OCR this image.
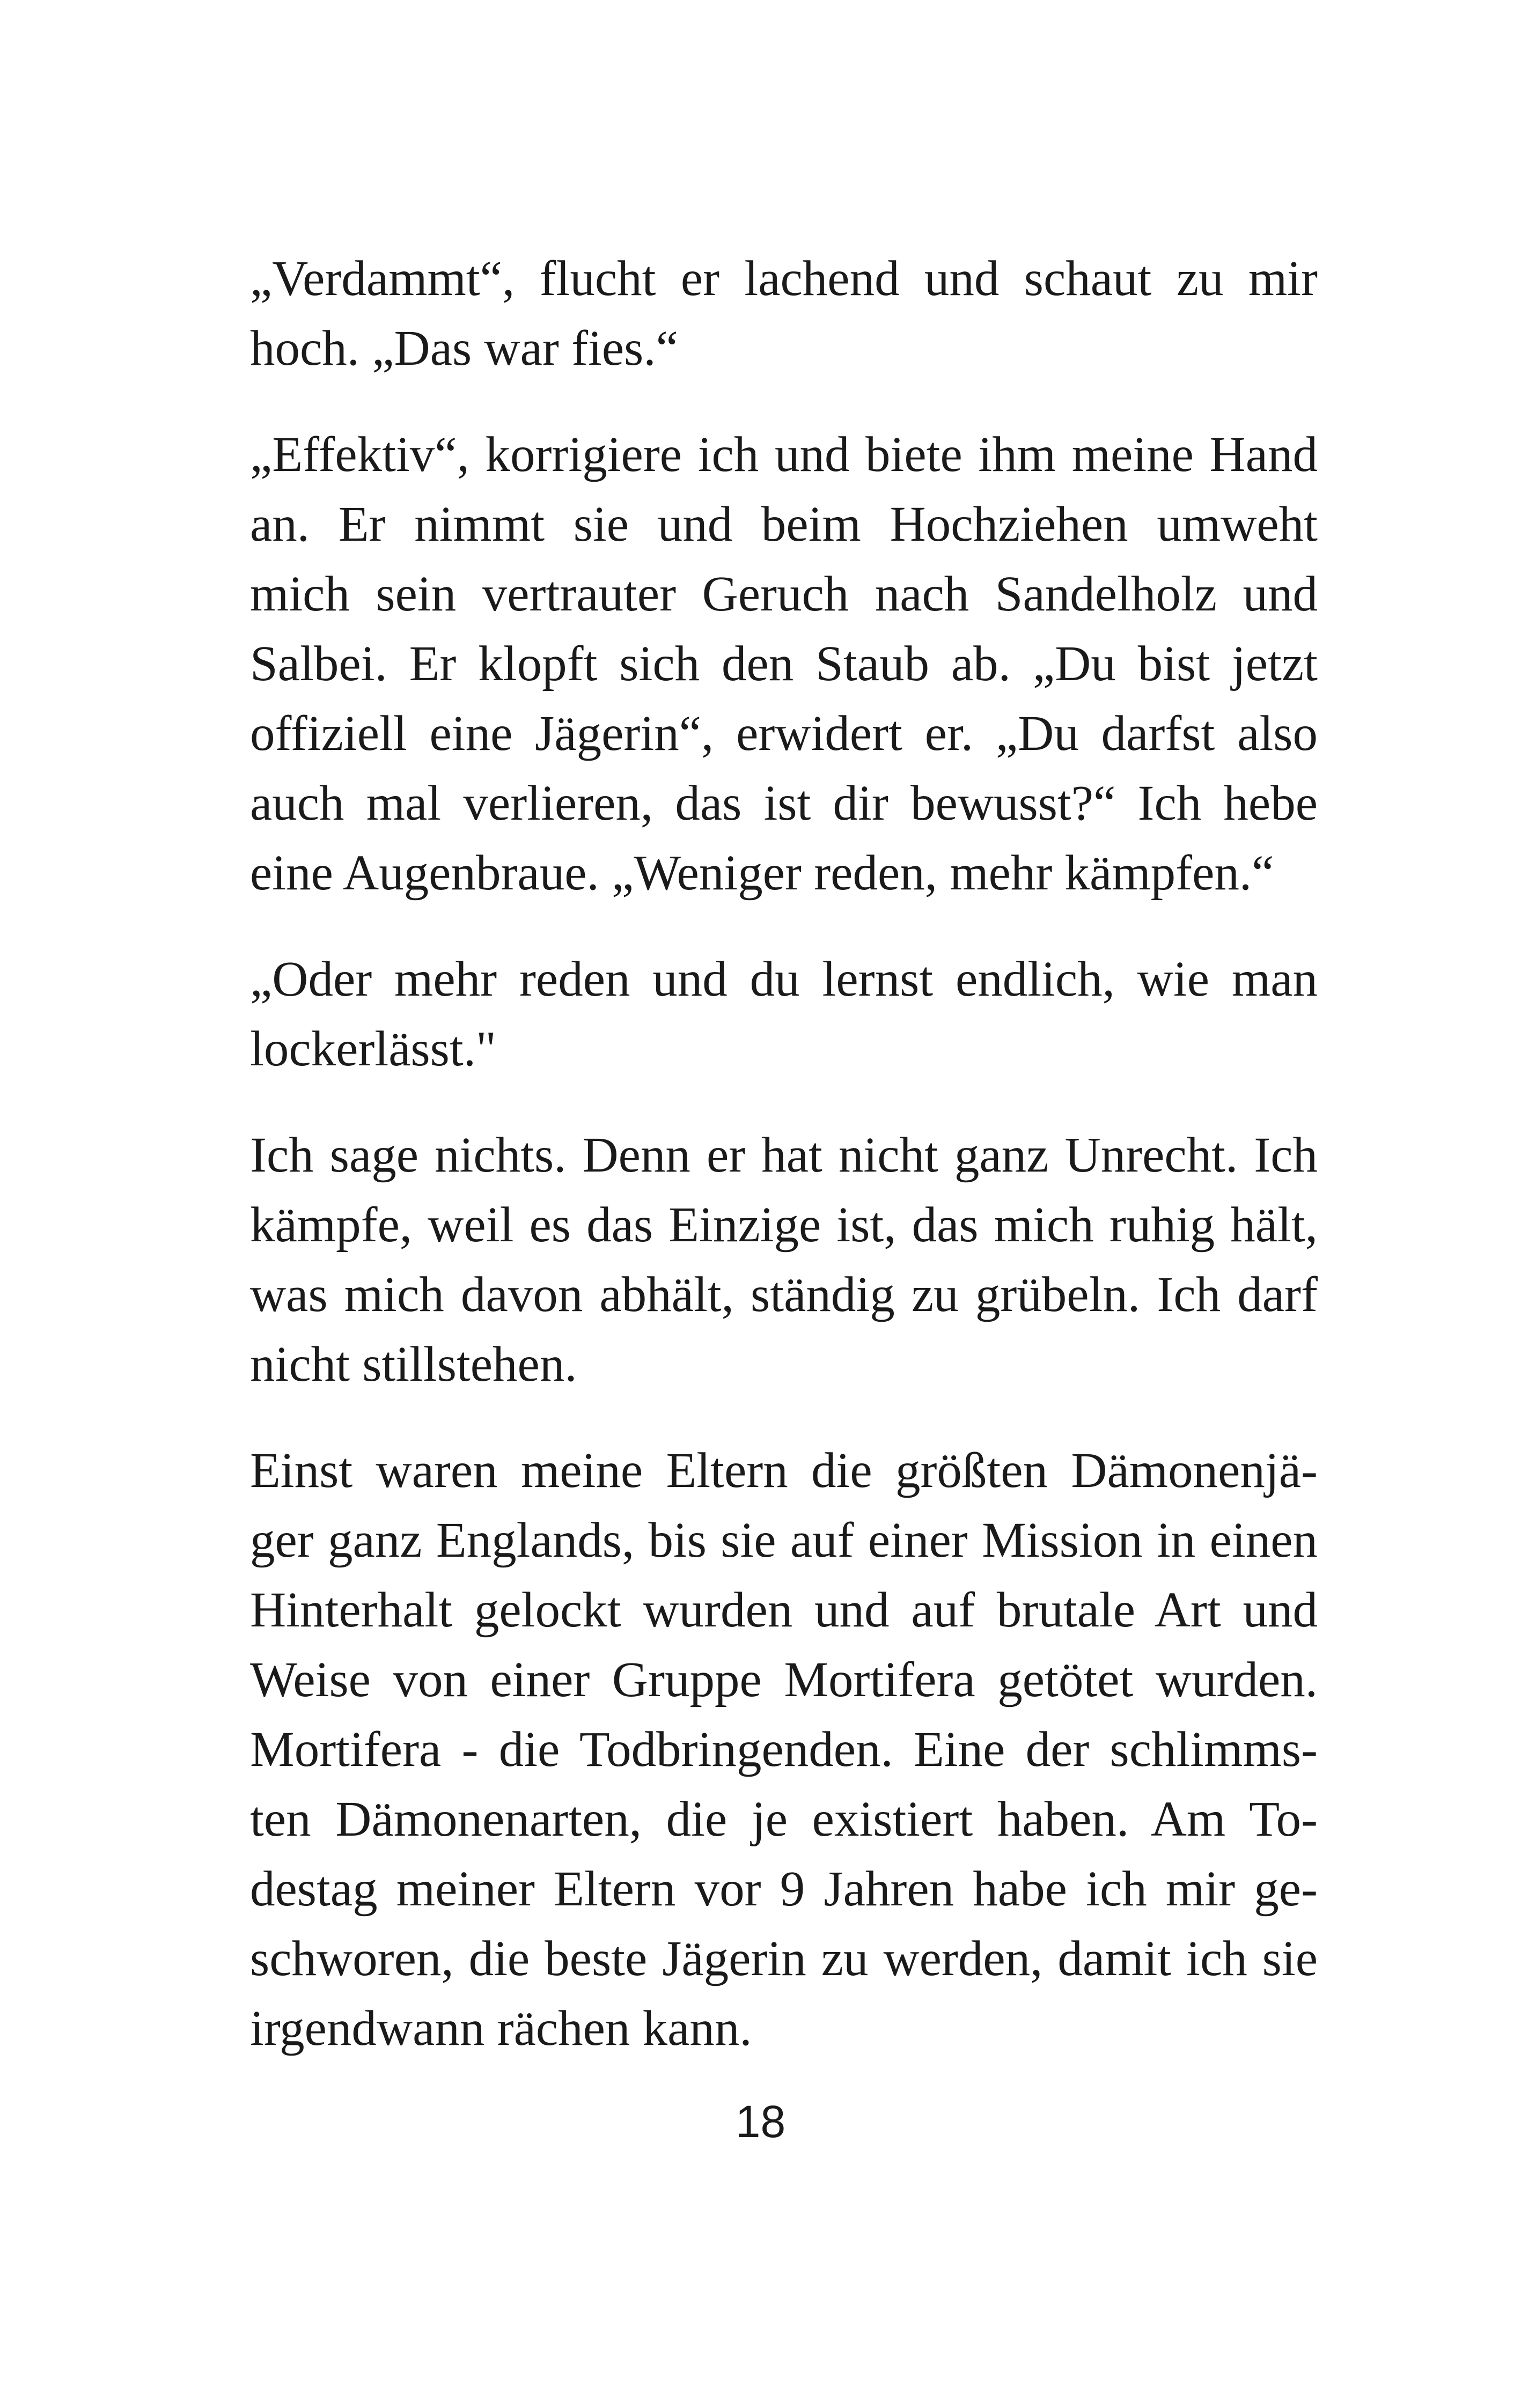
„Verdammt“, flucht er lachend und schaut zu mir
hoch. „Das war fies.“

„Effektiv“, korrigiere ich und biete ihm meine Hand
an. Er nimmt sie und beim Hochziehen umweht
mich sein vertrauter Geruch nach Sandelholz und
Salbei. Er klopft sich den Staub ab. „Du bist jetzt
offiziell eine Jägerin“, erwidert er. „Du darfst also
auch mal verlieren, das ist dir bewusst?“ Ich hebe
eine Augenbraue. „Weniger reden, mehr kämpfen.“

„Oder mehr reden und du lernst endlich, wie man
lockerlässt."

Ich sage nichts. Denn er hat nicht ganz Unrecht. Ich
kämpfe, weil es das Einzige ist, das mich ruhig hält,
was mich davon abhält, ständig zu grübeln. Ich darf
nicht stillstehen.

Einst waren meine Eltern die größten Dämonenjä-
ger ganz Englands, bis sie auf einer Mission in einen
Hinterhalt gelockt wurden und auf brutale Art und
Weise von einer Gruppe Mortifera getötet wurden.
Mortifera - die Todbringenden. Eine der schlimms-
ten Dämonenarten, die je existiert haben. Am To-
destag meiner Eltern vor 9 Jahren habe ich mir ge-
schworen, die beste Jägerin zu werden, damit ich sie
irgendwann rächen kann.

18
